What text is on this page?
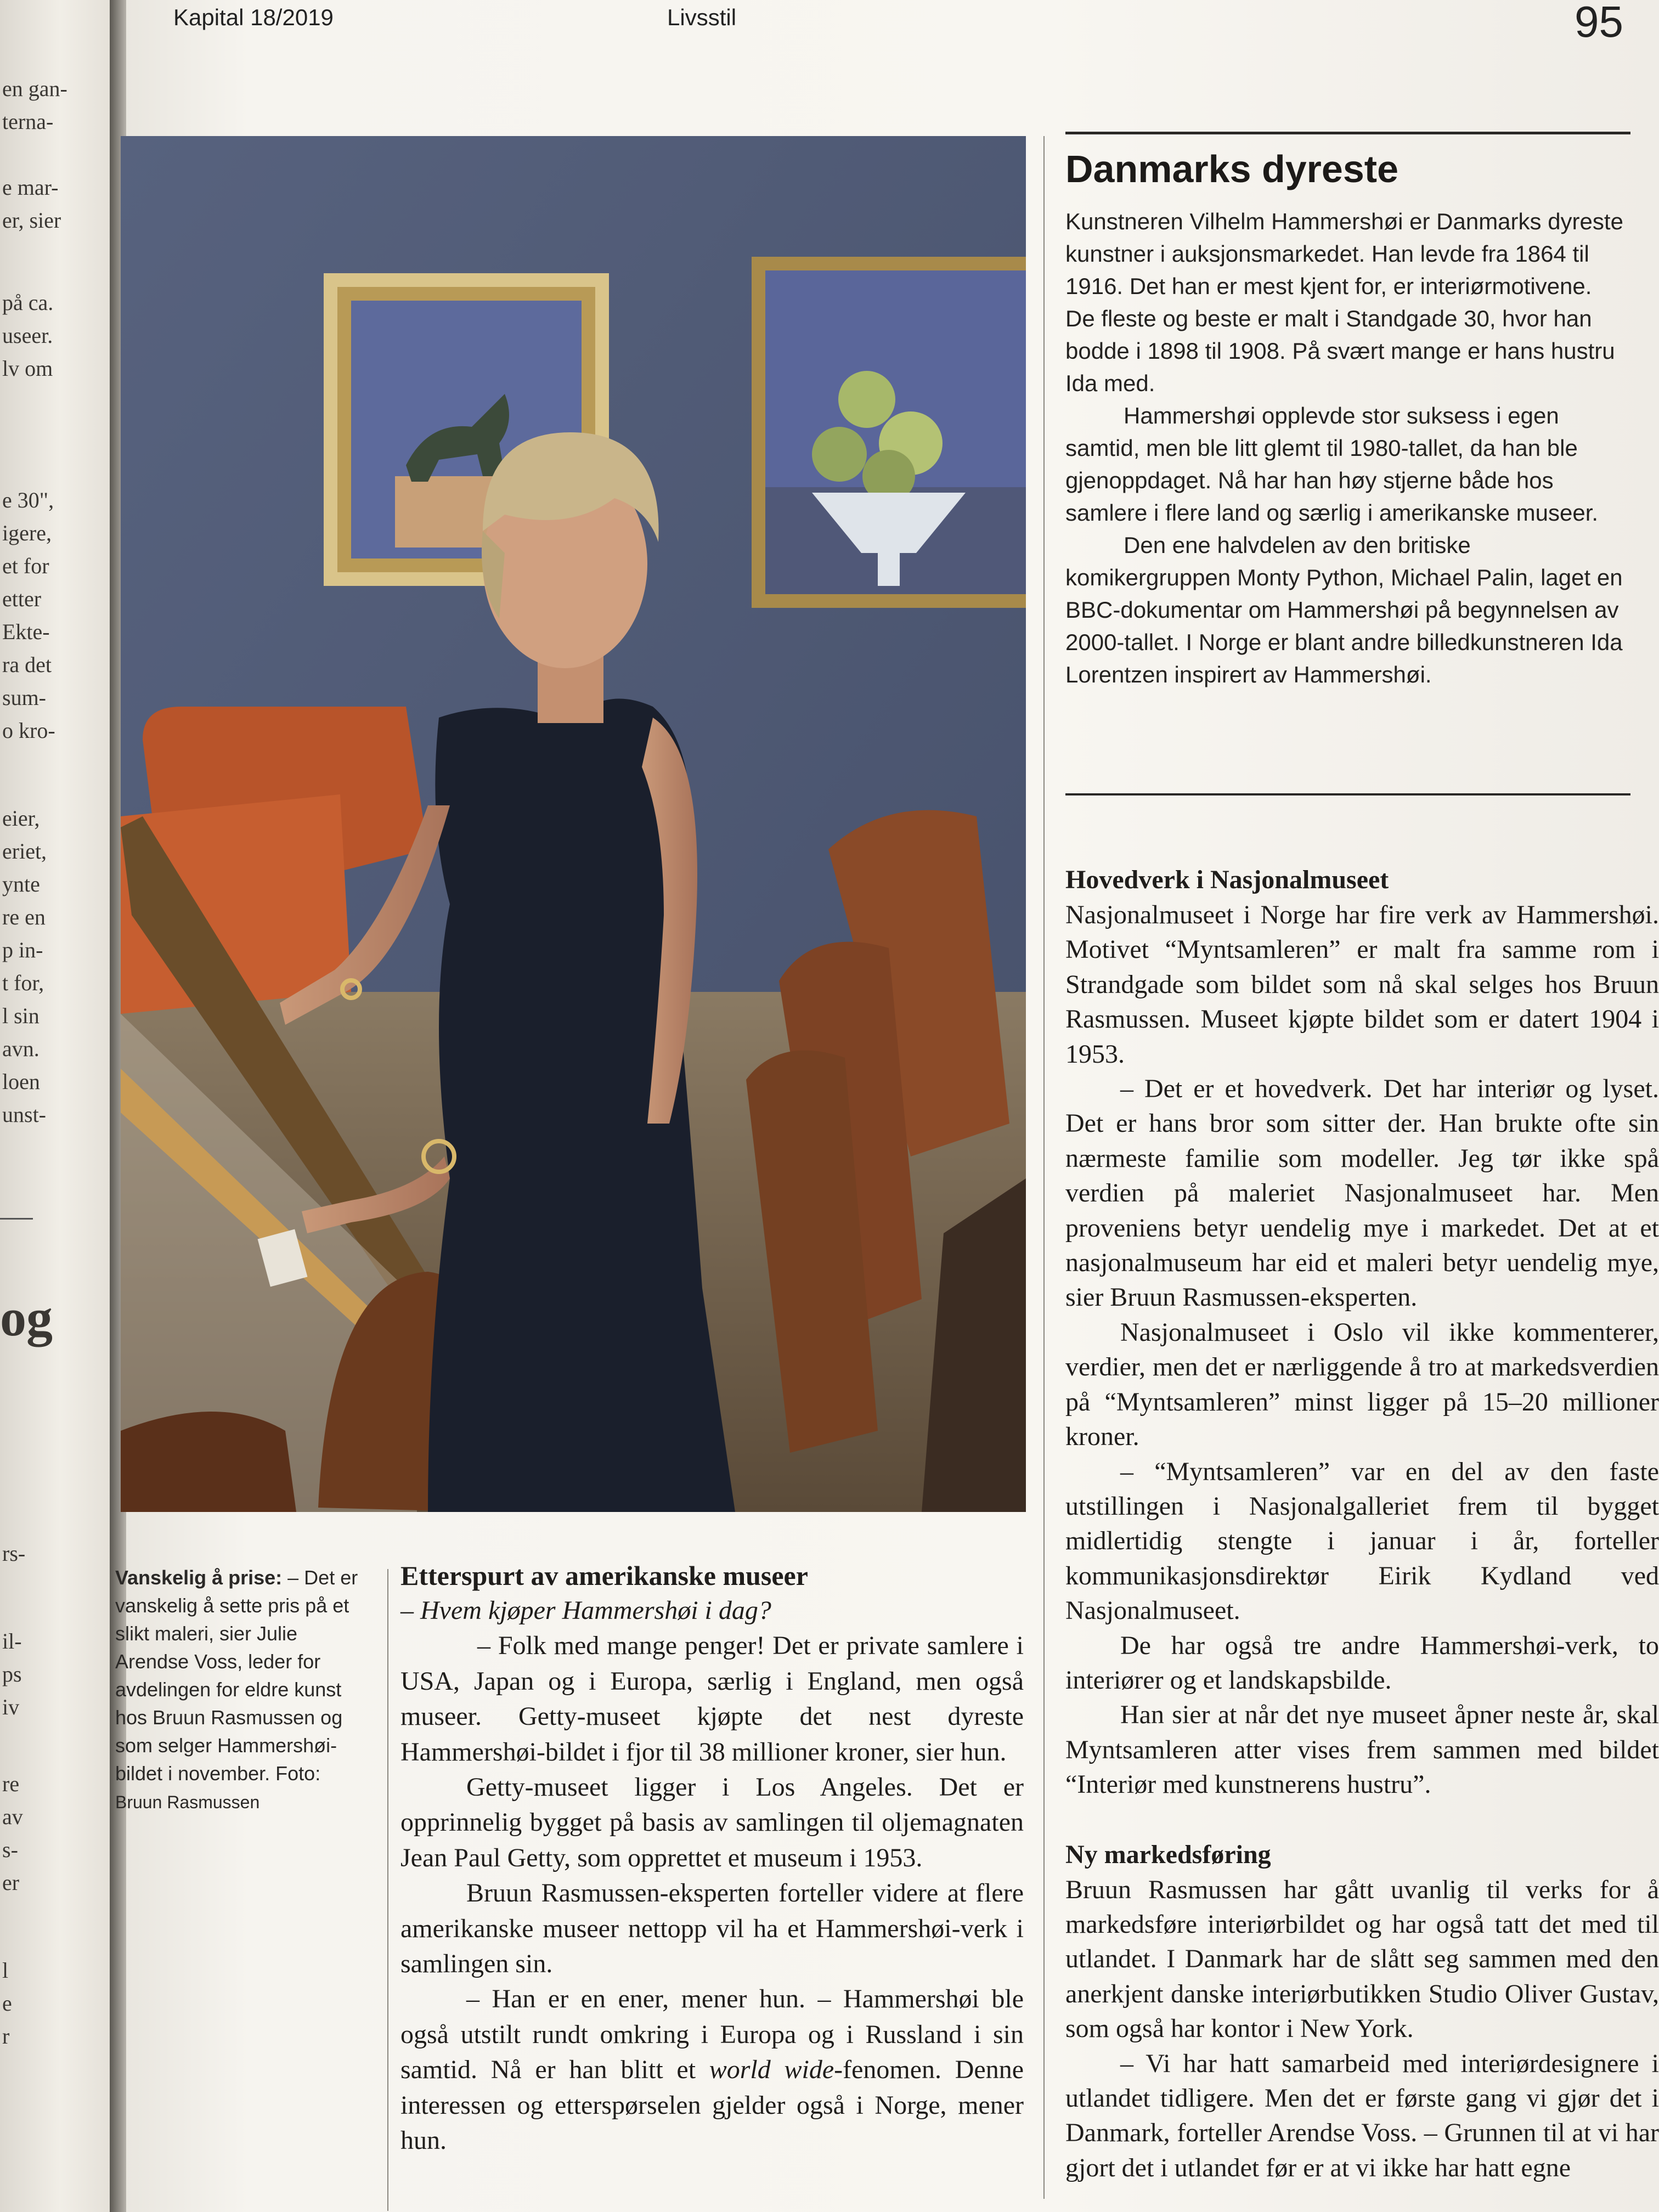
en gan-
terna-
e mar-
er, sier
på ca.
useer.
lv om
e 30",
igere,
et for
etter
Ekte-
ra det
sum-
o kro-
eier,
eriet,
ynte
re en
p in-
t for,
l sin
avn.
loen
unst-
og
rs-
il-
ps
iv
re
av
s-
er
l
e
r
Kapital 18/2019	Livsstil	95
Vanskelig å prise: – Det er vanskelig å sette pris på et slikt maleri, sier Julie Arendse Voss, leder for avdelingen for eldre kunst hos Bruun Rasmussen og som selger Hammershøi-bildet i november. Foto:
Bruun Rasmussen
Etterspurt av amerikanske museer
– Hvem kjøper Hammershøi i dag?

– Folk med mange penger! Det er private samlere i USA, Japan og i Europa, særlig i England, men også museer. Getty-museet kjøpte det nest dyreste Hammershøi-bildet i fjor til 38 millioner kroner, sier hun.

Getty-museet ligger i Los Angeles. Det er opprinnelig bygget på basis av samlingen til oljemagnaten Jean Paul Getty, som opprettet et museum i 1953.

Bruun Rasmussen-eksperten forteller videre at flere amerikanske museer nettopp vil ha et Hammershøi-verk i samlingen sin.

– Han er en ener, mener hun. – Hammershøi ble også utstilt rundt omkring i Europa og i Russland i sin samtid. Nå er han blitt et world wide-fenomen. Denne interessen og etterspørselen gjelder også i Norge, mener hun.

Danmarks dyreste

Kunstneren Vilhelm Hammershøi er Danmarks dyreste kunstner i auksjonsmarkedet. Han levde fra 1864 til 1916. Det han er mest kjent for, er interiørmotivene. De fleste og beste er malt i Standgade 30, hvor han bodde i 1898 til 1908. På svært mange er hans hustru Ida med.

Hammershøi opplevde stor suksess i egen samtid, men ble litt glemt til 1980-tallet, da han ble gjenoppdaget. Nå har han høy stjerne både hos samlere i flere land og særlig i amerikanske museer.

Den ene halvdelen av den britiske komikergruppen Monty Python, Michael Palin, laget en BBC-dokumentar om Hammershøi på begynnelsen av 2000-tallet. I Norge er blant andre billedkunstneren Ida Lorentzen inspirert av Hammershøi.

Hovedverk i Nasjonalmuseet

Nasjonalmuseet i Norge har fire verk av Hammershøi. Motivet “Myntsamleren” er malt fra samme rom i Strandgade som bildet som nå skal selges hos Bruun Rasmussen. Museet kjøpte bildet som er datert 1904 i 1953.

– Det er et hovedverk. Det har interiør og lyset. Det er hans bror som sitter der. Han brukte ofte sin nærmeste familie som modeller. Jeg tør ikke spå verdien på maleriet Nasjonalmuseet har. Men proveniens betyr uendelig mye i markedet. Det at et nasjonalmuseum har eid et maleri betyr uendelig mye, sier Bruun Rasmussen-eksperten.

Nasjonalmuseet i Oslo vil ikke kommenterer, verdier, men det er nærliggende å tro at markedsverdien på “Myntsamleren” minst ligger på 15–20 millioner kroner.

– “Myntsamleren” var en del av den faste utstillingen i Nasjonalgalleriet frem til bygget midlertidig stengte i januar i år, forteller kommunikasjonsdirektør Eirik Kydland ved Nasjonalmuseet.

De har også tre andre Hammershøi-verk, to interiører og et landskapsbilde.

Han sier at når det nye museet åpner neste år, skal Myntsamleren atter vises frem sammen med bildet “Interiør med kunstnerens hustru”.

Ny markedsføring

Bruun Rasmussen har gått uvanlig til verks for å markedsføre interiørbildet og har også tatt det med til utlandet. I Danmark har de slått seg sammen med den anerkjent danske interiørbutikken Studio Oliver Gustav, som også har kontor i New York.

– Vi har hatt samarbeid med interiørdesignere i utlandet tidligere. Men det er første gang vi gjør det i Danmark, forteller Arendse Voss. – Grunnen til at vi har gjort det i utlandet før er at vi ikke har hatt egne
